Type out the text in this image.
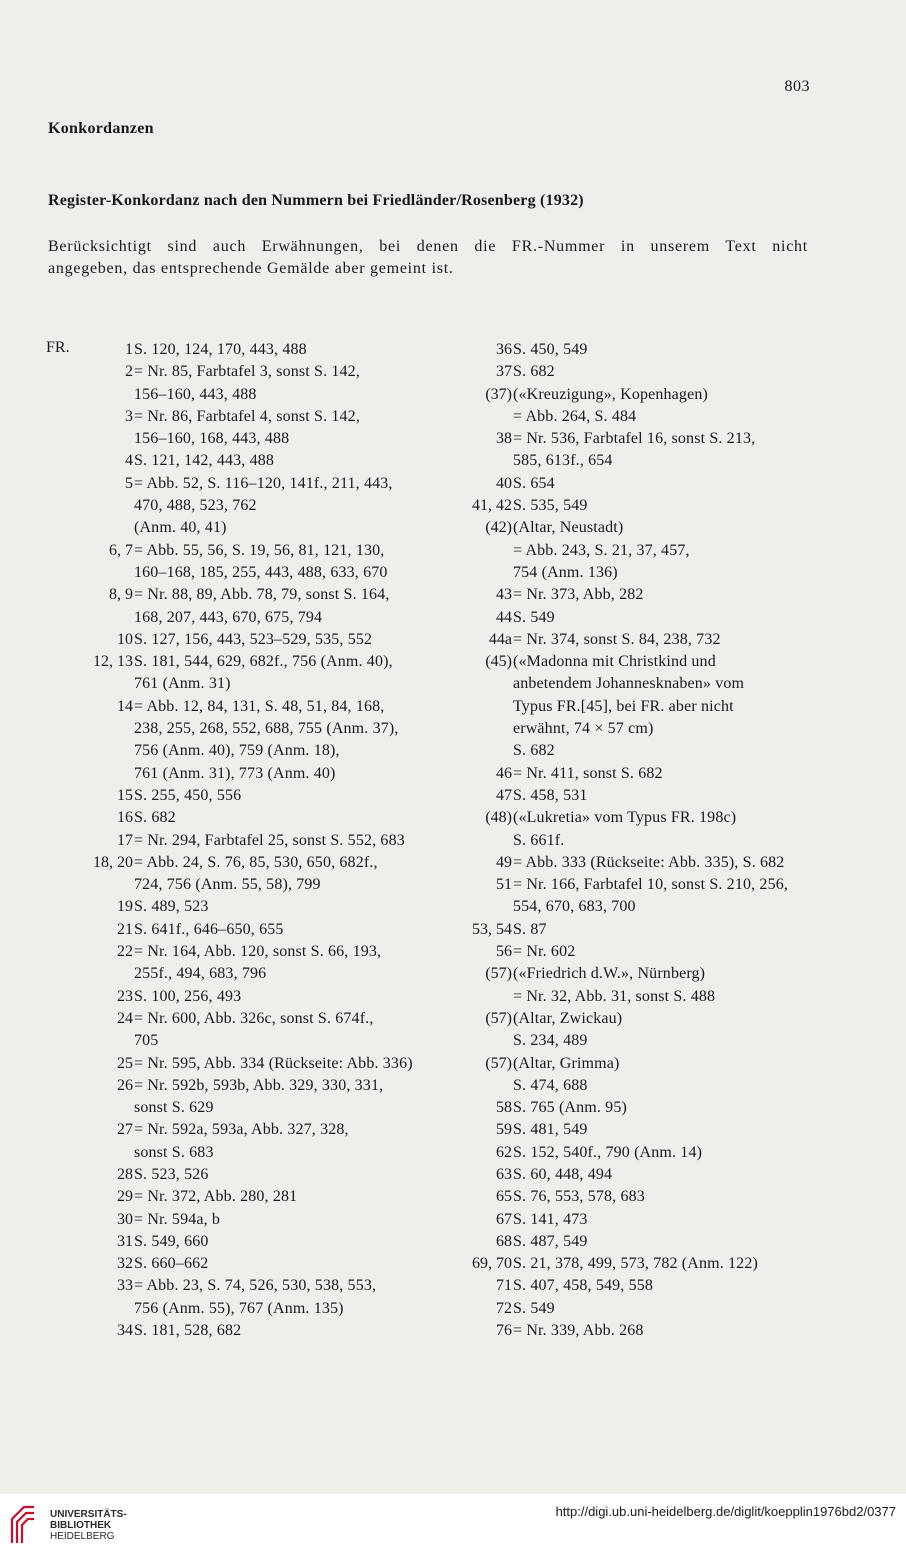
803
Konkordanzen
Register-Konkordanz nach den Nummern bei Friedländer/Rosenberg (1932)
Berücksichtigt sind auch Erwähnungen, bei denen die FR.-Nummer in unserem Text nicht
angegeben, das entsprechende Gemälde aber gemeint ist.
FR.	1 S. 120, 124, 170, 443, 488
2 = Nr. 85, Farbtafel 3, sonst S. 142,
156–160, 443, 488
3 = Nr. 86, Farbtafel 4, sonst S. 142,
156–160, 168, 443, 488
4 S. 121, 142, 443, 488
5 = Abb. 52, S. 116–120, 141f., 211, 443,
470, 488, 523, 762
(Anm. 40, 41)
6, 7 = Abb. 55, 56, S. 19, 56, 81, 121, 130,
160–168, 185, 255, 443, 488, 633, 670
8, 9 = Nr. 88, 89, Abb. 78, 79, sonst S. 164,
168, 207, 443, 670, 675, 794
10 S. 127, 156, 443, 523–529, 535, 552
12, 13 S. 181, 544, 629, 682f., 756 (Anm. 40),
761 (Anm. 31)
14 = Abb. 12, 84, 131, S. 48, 51, 84, 168,
238, 255, 268, 552, 688, 755 (Anm. 37),
756 (Anm. 40), 759 (Anm. 18),
761 (Anm. 31), 773 (Anm. 40)
15 S. 255, 450, 556
16 S. 682
17 = Nr. 294, Farbtafel 25, sonst S. 552, 683
18, 20 = Abb. 24, S. 76, 85, 530, 650, 682f.,
724, 756 (Anm. 55, 58), 799
19 S. 489, 523
21 S. 641f., 646–650, 655
22 = Nr. 164, Abb. 120, sonst S. 66, 193,
255f., 494, 683, 796
23 S. 100, 256, 493
24 = Nr. 600, Abb. 326c, sonst S. 674f.,
705
25 = Nr. 595, Abb. 334 (Rückseite: Abb. 336)
26 = Nr. 592b, 593b, Abb. 329, 330, 331,
sonst S. 629
27 = Nr. 592a, 593a, Abb. 327, 328,
sonst S. 683
28 S. 523, 526
29 = Nr. 372, Abb. 280, 281
30 = Nr. 594a, b
31 S. 549, 660
32 S. 660–662
33 = Abb. 23, S. 74, 526, 530, 538, 553,
756 (Anm. 55), 767 (Anm. 135)
34 S. 181, 528, 682
36 S. 450, 549
37 S. 682
(37) («Kreuzigung», Kopenhagen)
= Abb. 264, S. 484
38 = Nr. 536, Farbtafel 16, sonst S. 213,
585, 613f., 654
40 S. 654
41, 42 S. 535, 549
(42) (Altar, Neustadt)
= Abb. 243, S. 21, 37, 457,
754 (Anm. 136)
43 = Nr. 373, Abb, 282
44 S. 549
44a = Nr. 374, sonst S. 84, 238, 732
(45) («Madonna mit Christkind und
anbetendem Johannesknaben» vom
Typus FR.[45], bei FR. aber nicht
erwähnt, 74 × 57 cm)
S. 682
46 = Nr. 411, sonst S. 682
47 S. 458, 531
(48) («Lukretia» vom Typus FR. 198c)
S. 661f.
49 = Abb. 333 (Rückseite: Abb. 335), S. 682
51 = Nr. 166, Farbtafel 10, sonst S. 210, 256,
554, 670, 683, 700
53, 54 S. 87
56 = Nr. 602
(57) («Friedrich d.W.», Nürnberg)
= Nr. 32, Abb. 31, sonst S. 488
(57) (Altar, Zwickau)
S. 234, 489
(57) (Altar, Grimma)
S. 474, 688
58 S. 765 (Anm. 95)
59 S. 481, 549
62 S. 152, 540f., 790 (Anm. 14)
63 S. 60, 448, 494
65 S. 76, 553, 578, 683
67 S. 141, 473
68 S. 487, 549
69, 70 S. 21, 378, 499, 573, 782 (Anm. 122)
71 S. 407, 458, 549, 558
72 S. 549
76 = Nr. 339, Abb. 268
UNIVERSITÄTS-
BIBLIOTHEK
HEIDELBERG
http://digi.ub.uni-heidelberg.de/diglit/koepplin1976bd2/0377
